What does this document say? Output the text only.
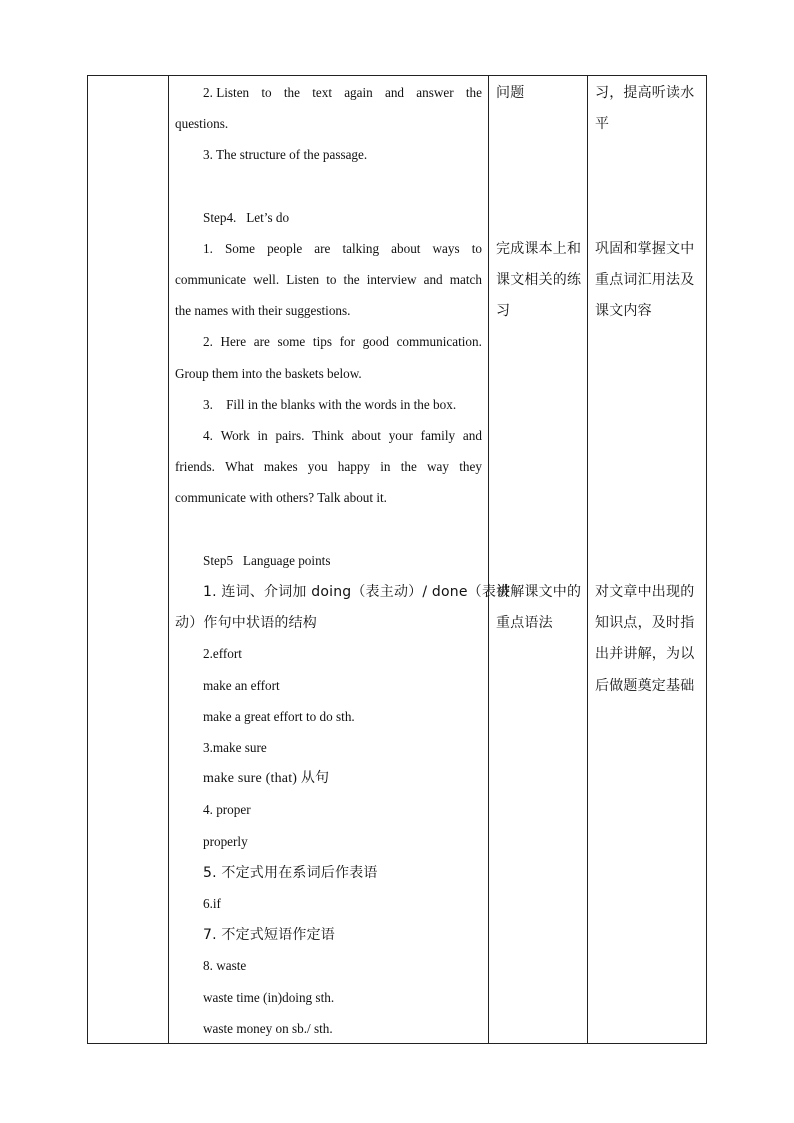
2. Listen to the text again and answer the
questions.
3. The structure of the passage.
Step4.   Let’s do
1. Some people are talking about ways to
communicate well. Listen to the interview and match
the names with their suggestions.
2. Here are some tips for good communication.
Group them into the baskets below.
3.    Fill in the blanks with the words in the box.
4. Work in pairs. Think about your family and
friends. What makes you happy in the way they
communicate with others? Talk about it.
Step5   Language points
1. 连词、介词加 doing（表主动）/ done（表被
动）作句中状语的结构
2.effort
make an effort
make a great effort to do sth.
3.make sure
make sure (that) 从句
4. proper
properly
5. 不定式用在系词后作表语
6.if
7. 不定式短语作定语
8. waste
waste time (in)doing sth.
waste money on sb./ sth.
问题
完成课本上和
课文相关的练
习
讲解课文中的
重点语法
习，提高听读水
平
巩固和掌握文中
重点词汇用法及
课文内容
对文章中出现的
知识点，及时指
出并讲解，为以
后做题奠定基础
